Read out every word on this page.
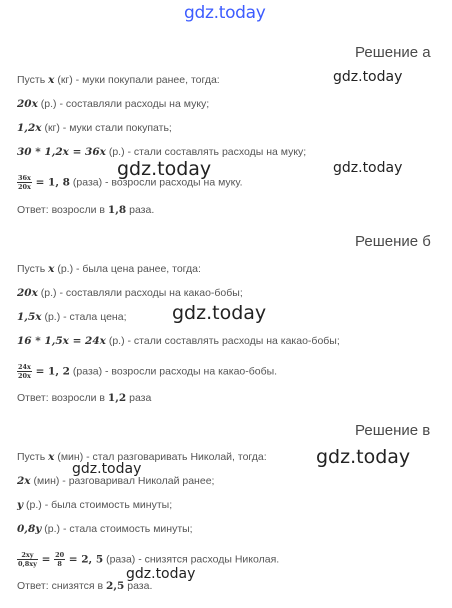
gdz.today
Решение а
Пусть x (кг) - муки покупали ранее, тогда:
20x (р.) - составляли расходы на муку;
1,2x (кг) - муки стали покупать;
30 * 1,2x = 36x (р.) - стали составлять расходы на муку;
$\frac{36x}{20x} = 1$, 8 (раза) - возросли расходы на муку.
Ответ: возросли в 1,8 раза.
Решение б
Пусть x (р.) - была цена ранее, тогда:
20x (р.) - составляли расходы на какао-бобы;
1,5x (р.) - стала цена;
16 * 1,5x = 24x (р.) - стали составлять расходы на какао-бобы;
$\frac{24x}{20x} = 1$, 2 (раза) - возросли расходы на какао-бобы.
Ответ: возросли в 1,2 раза
Решение в
Пусть x (мин) - стал разговаривать Николай, тогда:
2x (мин) - разговаривал Николай ранее;
y (р.) - была стоимость минуты;
0,8y (р.) - стала стоимость минуты;
$\frac{2xy}{0,8xy} = \frac{20}{8} = 2$, 5 (раза) - снизятся расходы Николая.
Ответ: снизятся в 2,5 раза.
gdz.today
gdz.today	gdz.today
gdz.today
gdz.today
gdz.today
gdz.today
